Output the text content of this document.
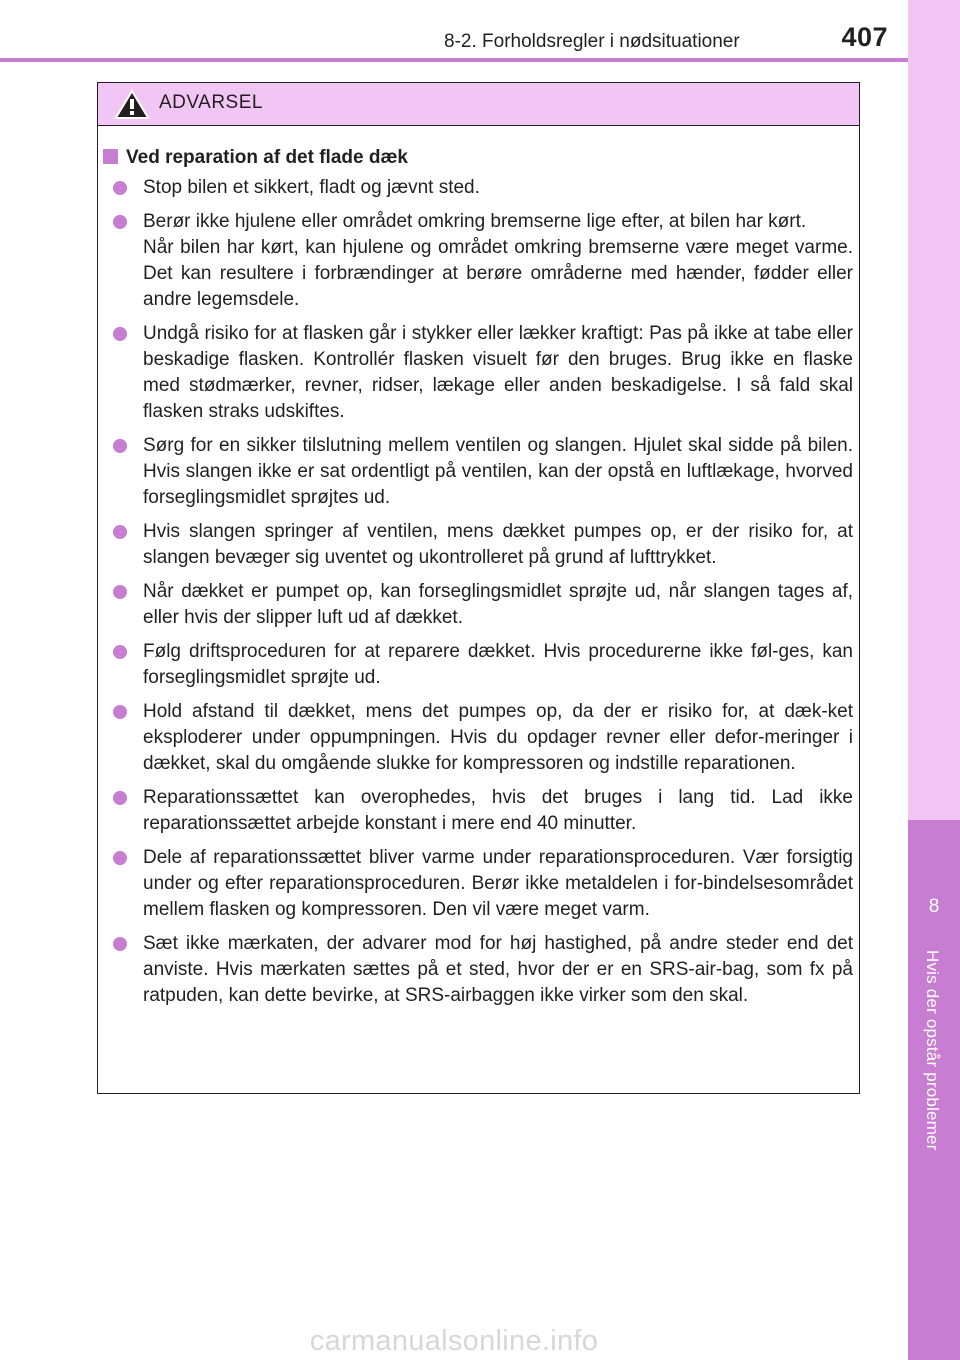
8-2. Forholdsregler i nødsituationer	407
8
Hvis der opstår problemer
ADVARSEL
Ved reparation af det flade dæk
Stop bilen et sikkert, fladt og jævnt sted.
Berør ikke hjulene eller området omkring bremserne lige efter, at bilen har kørt.
Når bilen har kørt, kan hjulene og området omkring bremserne være meget varme. Det kan resultere i forbrændinger at berøre områderne med hænder, fødder eller andre legemsdele.
Undgå risiko for at flasken går i stykker eller lækker kraftigt: Pas på ikke at tabe eller beskadige flasken. Kontrollér flasken visuelt før den bruges. Brug ikke en flaske med stødmærker, revner, ridser, lækage eller anden beskadigelse. I så fald skal flasken straks udskiftes.
Sørg for en sikker tilslutning mellem ventilen og slangen. Hjulet skal sidde på bilen. Hvis slangen ikke er sat ordentligt på ventilen, kan der opstå en luftlækage, hvorved forseglingsmidlet sprøjtes ud.
Hvis slangen springer af ventilen, mens dækket pumpes op, er der risiko for, at slangen bevæger sig uventet og ukontrolleret på grund af lufttrykket.
Når dækket er pumpet op, kan forseglingsmidlet sprøjte ud, når slangen tages af, eller hvis der slipper luft ud af dækket.
Følg driftsproceduren for at reparere dækket. Hvis procedurerne ikke føl-ges, kan forseglingsmidlet sprøjte ud.
Hold afstand til dækket, mens det pumpes op, da der er risiko for, at dæk-ket eksploderer under oppumpningen. Hvis du opdager revner eller defor-meringer i dækket, skal du omgående slukke for kompressoren og indstille reparationen.
Reparationssættet kan overophedes, hvis det bruges i lang tid. Lad ikke reparationssættet arbejde konstant i mere end 40 minutter.
Dele af reparationssættet bliver varme under reparationsproceduren. Vær forsigtig under og efter reparationsproceduren. Berør ikke metaldelen i for-bindelsesområdet mellem flasken og kompressoren. Den vil være meget varm.
Sæt ikke mærkaten, der advarer mod for høj hastighed, på andre steder end det anviste. Hvis mærkaten sættes på et sted, hvor der er en SRS-air-bag, som fx på ratpuden, kan dette bevirke, at SRS-airbaggen ikke virker som den skal.
carmanualsonline.info
